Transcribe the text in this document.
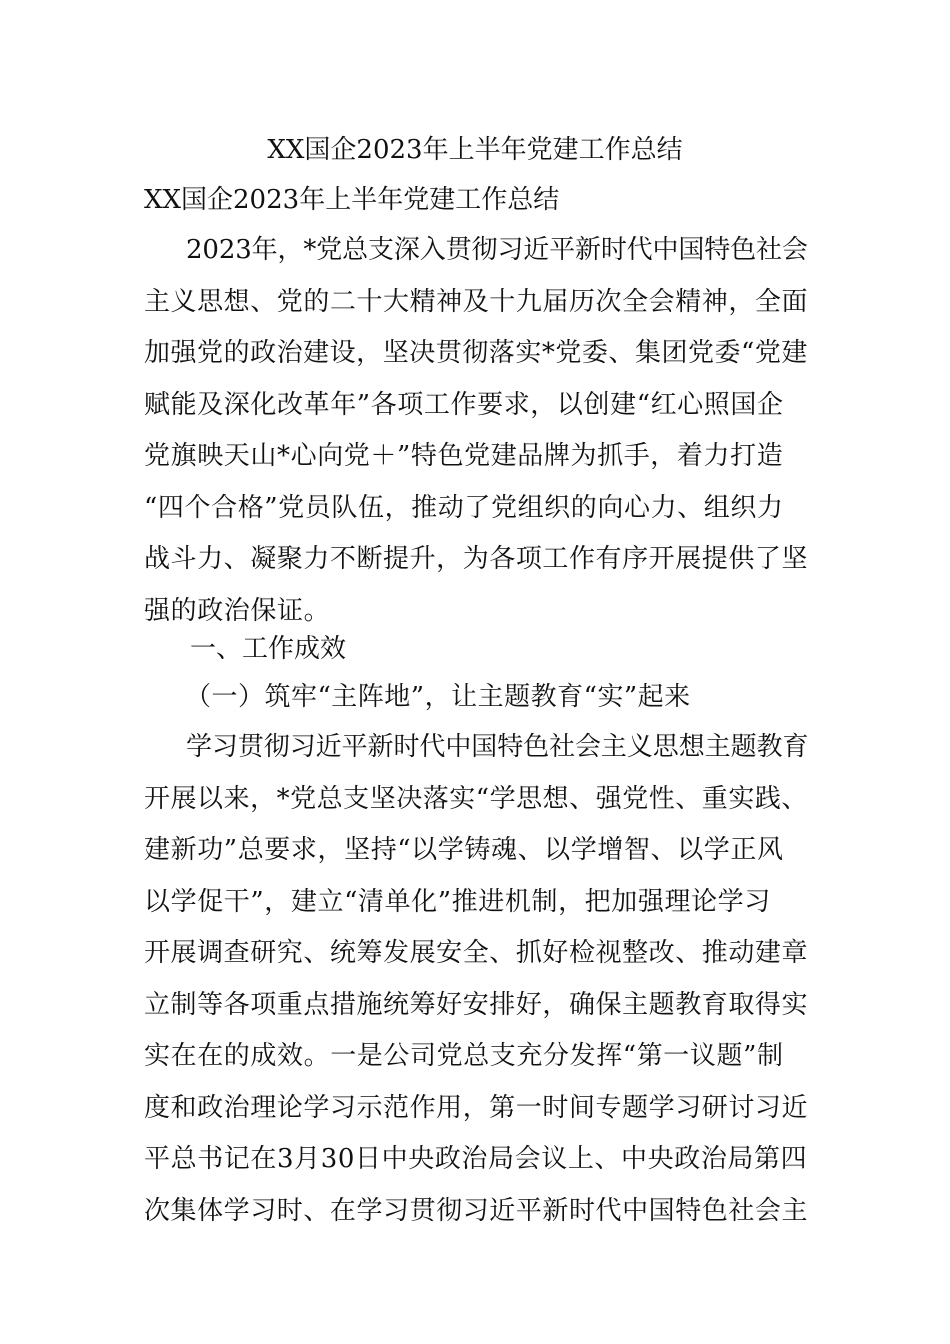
XX国企2023年上半年党建工作总结
XX国企2023年上半年党建工作总结
2023年，*党总支深入贯彻习近平新时代中国特色社会
主义思想、党的二十大精神及十九届历次全会精神，全面
加强党的政治建设，坚决贯彻落实*党委、集团党委“党建
赋能及深化改革年”各项工作要求，以创建“红心照国企
党旗映天山*心向党＋”特色党建品牌为抓手，着力打造
“四个合格”党员队伍，推动了党组织的向心力、组织力
战斗力、凝聚力不断提升，为各项工作有序开展提供了坚
强的政治保证。
一、工作成效
（一）筑牢“主阵地”，让主题教育“实”起来
学习贯彻习近平新时代中国特色社会主义思想主题教育
开展以来，*党总支坚决落实“学思想、强党性、重实践、
建新功”总要求，坚持“以学铸魂、以学增智、以学正风
以学促干”，建立“清单化”推进机制，把加强理论学习
开展调查研究、统筹发展安全、抓好检视整改、推动建章
立制等各项重点措施统筹好安排好，确保主题教育取得实
实在在的成效。一是公司党总支充分发挥“第一议题”制
度和政治理论学习示范作用，第一时间专题学习研讨习近
平总书记在3月30日中央政治局会议上、中央政治局第四
次集体学习时、在学习贯彻习近平新时代中国特色社会主
